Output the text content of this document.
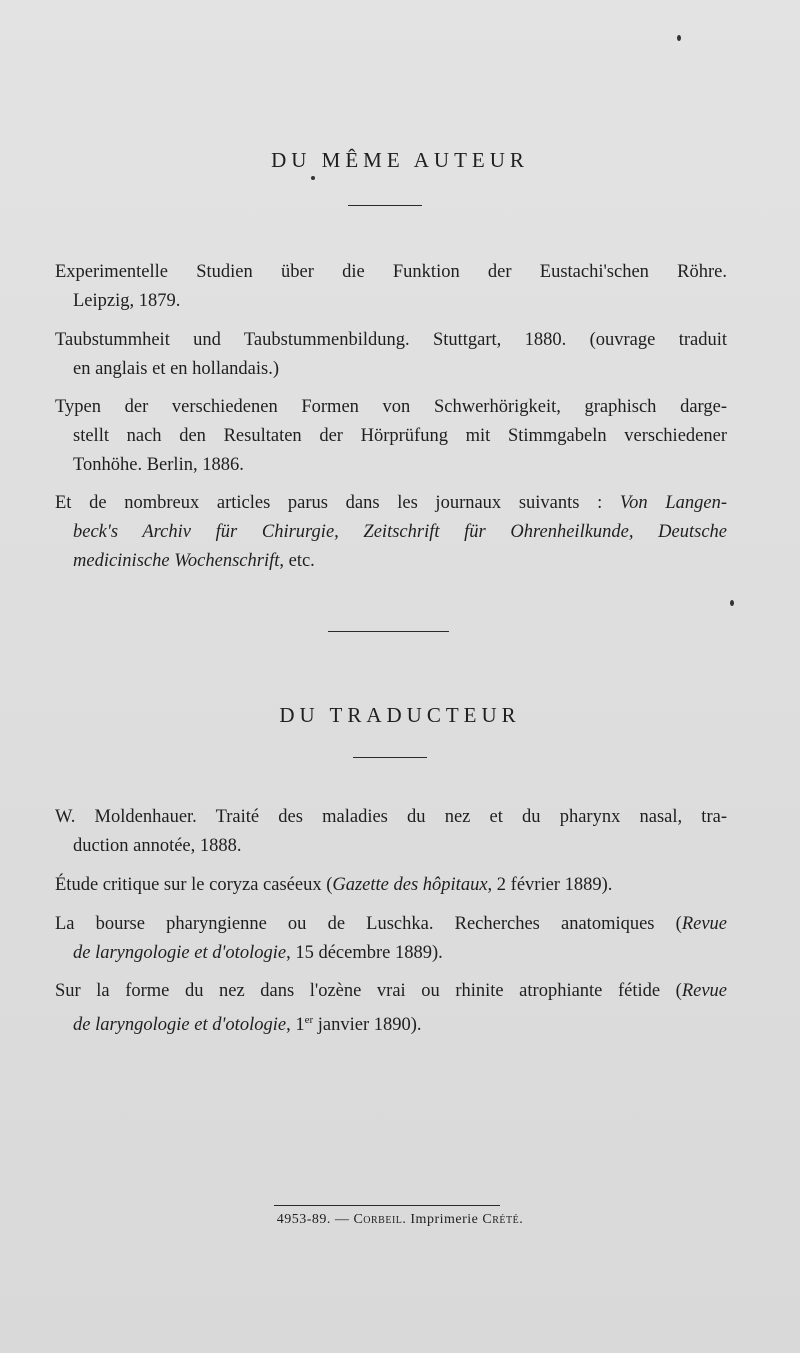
DU MÊME AUTEUR
Experimentelle Studien über die Funktion der Eustachi'schen Röhre.
Leipzig, 1879.
Taubstummheit und Taubstummenbildung. Stuttgart, 1880. (ouvrage traduit
en anglais et en hollandais.)
Typen der verschiedenen Formen von Schwerhörigkeit, graphisch darge-
stellt nach den Resultaten der Hörprüfung mit Stimmgabeln verschiedener
Tonhöhe. Berlin, 1886.
Et de nombreux articles parus dans les journaux suivants : Von Langen-
beck's Archiv für Chirurgie, Zeitschrift für Ohrenheilkunde, Deutsche
medicinische Wochenschrift, etc.
DU TRADUCTEUR
W. Moldenhauer. Traité des maladies du nez et du pharynx nasal, tra-
duction annotée, 1888.
Étude critique sur le coryza caséeux (Gazette des hôpitaux, 2 février 1889).
La bourse pharyngienne ou de Luschka. Recherches anatomiques (Revue
de laryngologie et d'otologie, 15 décembre 1889).
Sur la forme du nez dans l'ozène vrai ou rhinite atrophiante fétide (Revue
de laryngologie et d'otologie, 1er janvier 1890).
4953-89. — Corbeil. Imprimerie Crété.
